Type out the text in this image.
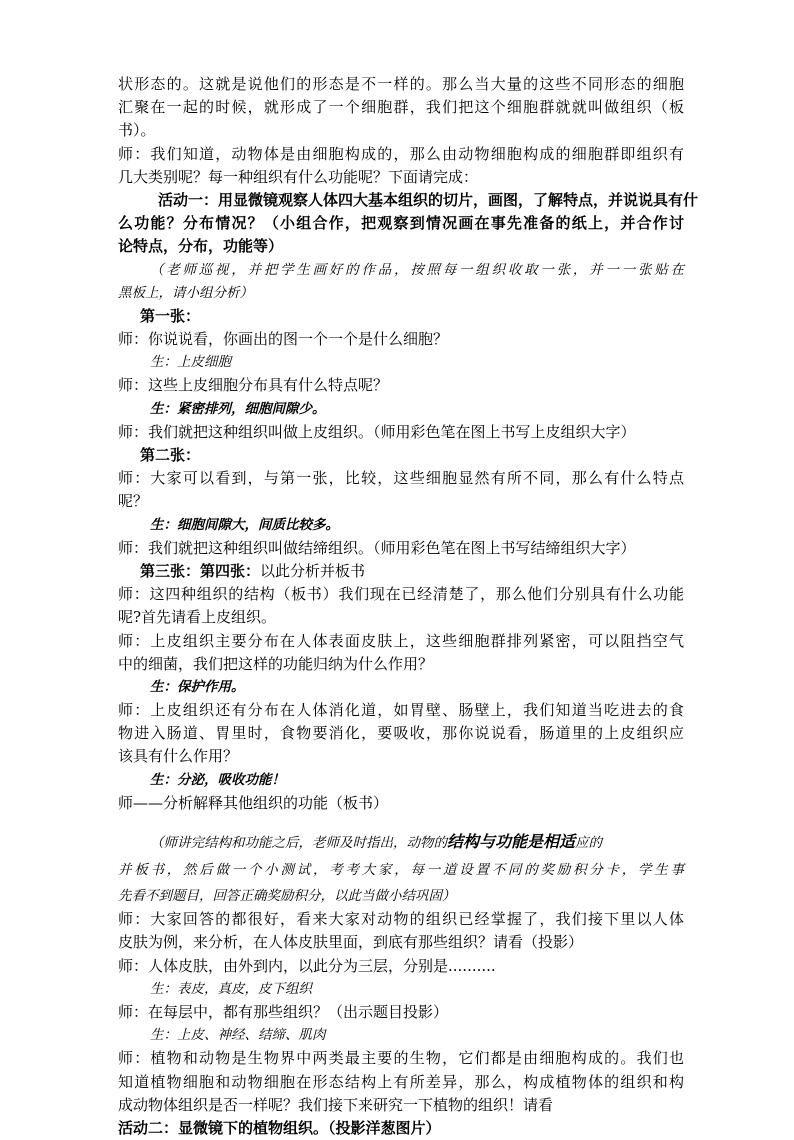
状形态的。这就是说他们的形态是不一样的。那么当大量的这些不同形态的细胞
汇聚在一起的时候，就形成了一个细胞群，我们把这个细胞群就就叫做组织（板
书）。
师：我们知道，动物体是由细胞构成的，那么由动物细胞构成的细胞群即组织有
几大类别呢？每一种组织有什么功能呢？下面请完成：
活动一：用显微镜观察人体四大基本组织的切片，画图，了解特点，并说说具有什
么功能？分布情况？（小组合作，把观察到情况画在事先准备的纸上，并合作讨
论特点，分布，功能等）
（老师巡视，并把学生画好的作品，按照每一组织收取一张，并一一张贴在
黑板上，请小组分析）
第一张：
师：你说说看，你画出的图一个一个是什么细胞？
生：上皮细胞
师：这些上皮细胞分布具有什么特点呢？
生：紧密排列，细胞间隙少。
师：我们就把这种组织叫做上皮组织。（师用彩色笔在图上书写上皮组织大字）
第二张：
师：大家可以看到，与第一张，比较，这些细胞显然有所不同，那么有什么特点
呢？
生：细胞间隙大，间质比较多。
师：我们就把这种组织叫做结缔组织。（师用彩色笔在图上书写结缔组织大字）
第三张：第四张：以此分析并板书
师：这四种组织的结构（板书）我们现在已经清楚了，那么他们分别具有什么功能
呢?首先请看上皮组织。
师：上皮组织主要分布在人体表面皮肤上，这些细胞群排列紧密，可以阻挡空气
中的细菌，我们把这样的功能归纳为什么作用？
生：保护作用。
师：上皮组织还有分布在人体消化道，如胃壁、肠壁上，我们知道当吃进去的食
物进入肠道、胃里时，食物要消化，要吸收，那你说说看，肠道里的上皮组织应
该具有什么作用？
生：分泌，吸收功能！
师——分析解释其他组织的功能（板书）
（师讲完结构和功能之后，老师及时指出，动物的结构与功能是相适应的
并板书，然后做一个小测试，考考大家，每一道设置不同的奖励积分卡，学生事
先看不到题目，回答正确奖励积分，以此当做小结巩固）
师：大家回答的都很好，看来大家对动物的组织已经掌握了，我们接下里以人体
皮肤为例，来分析，在人体皮肤里面，到底有那些组织？请看（投影）
师：人体皮肤，由外到内，以此分为三层，分别是..........
生：表皮，真皮，皮下组织
师：在每层中，都有那些组织？（出示题目投影）
生：上皮、神经、结缔、肌肉
师：植物和动物是生物界中两类最主要的生物，它们都是由细胞构成的。我们也
知道植物细胞和动物细胞在形态结构上有所差异，那么，构成植物体的组织和构
成动物体组织是否一样呢？我们接下来研究一下植物的组织！请看
活动二：显微镜下的植物组织。（投影洋葱图片）
